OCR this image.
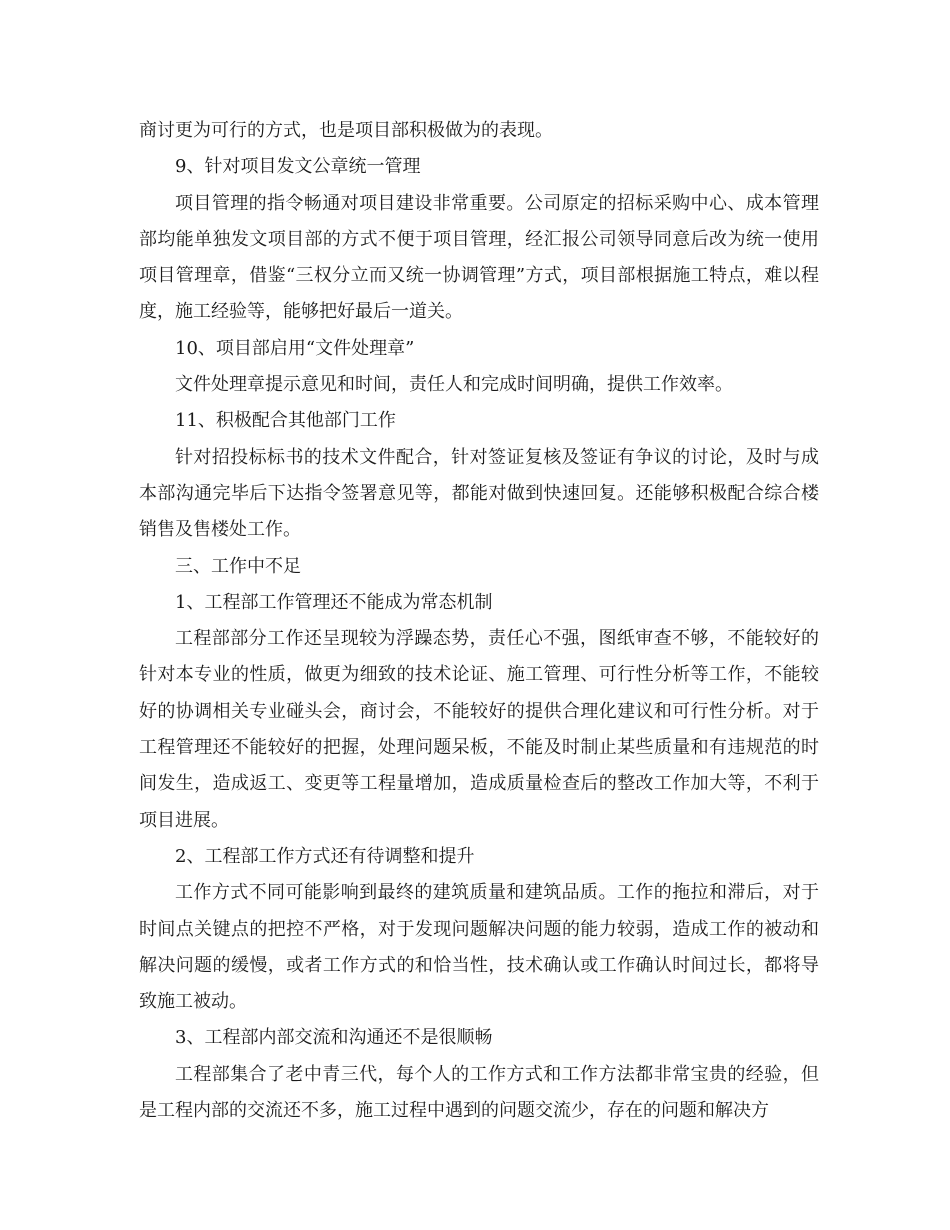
商讨更为可行的方式，也是项目部积极做为的表现。

9、针对项目发文公章统一管理

项目管理的指令畅通对项目建设非常重要。公司原定的招标采购中心、成本管理部均能单独发文项目部的方式不便于项目管理，经汇报公司领导同意后改为统一使用项目管理章，借鉴“三权分立而又统一协调管理”方式，项目部根据施工特点，难以程度，施工经验等，能够把好最后一道关。

10、项目部启用“文件处理章”

文件处理章提示意见和时间，责任人和完成时间明确，提供工作效率。

11、积极配合其他部门工作

针对招投标标书的技术文件配合，针对签证复核及签证有争议的讨论，及时与成本部沟通完毕后下达指令签署意见等，都能对做到快速回复。还能够积极配合综合楼销售及售楼处工作。

三、工作中不足

1、工程部工作管理还不能成为常态机制

工程部部分工作还呈现较为浮躁态势，责任心不强，图纸审查不够，不能较好的针对本专业的性质，做更为细致的技术论证、施工管理、可行性分析等工作，不能较好的协调相关专业碰头会，商讨会，不能较好的提供合理化建议和可行性分析。对于工程管理还不能较好的把握，处理问题呆板，不能及时制止某些质量和有违规范的时间发生，造成返工、变更等工程量增加，造成质量检查后的整改工作加大等，不利于项目进展。

2、工程部工作方式还有待调整和提升

工作方式不同可能影响到最终的建筑质量和建筑品质。工作的拖拉和滞后，对于时间点关键点的把控不严格，对于发现问题解决问题的能力较弱，造成工作的被动和解决问题的缓慢，或者工作方式的和恰当性，技术确认或工作确认时间过长，都将导致施工被动。

3、工程部内部交流和沟通还不是很顺畅

工程部集合了老中青三代，每个人的工作方式和工作方法都非常宝贵的经验，但是工程内部的交流还不多，施工过程中遇到的问题交流少，存在的问题和解决方
